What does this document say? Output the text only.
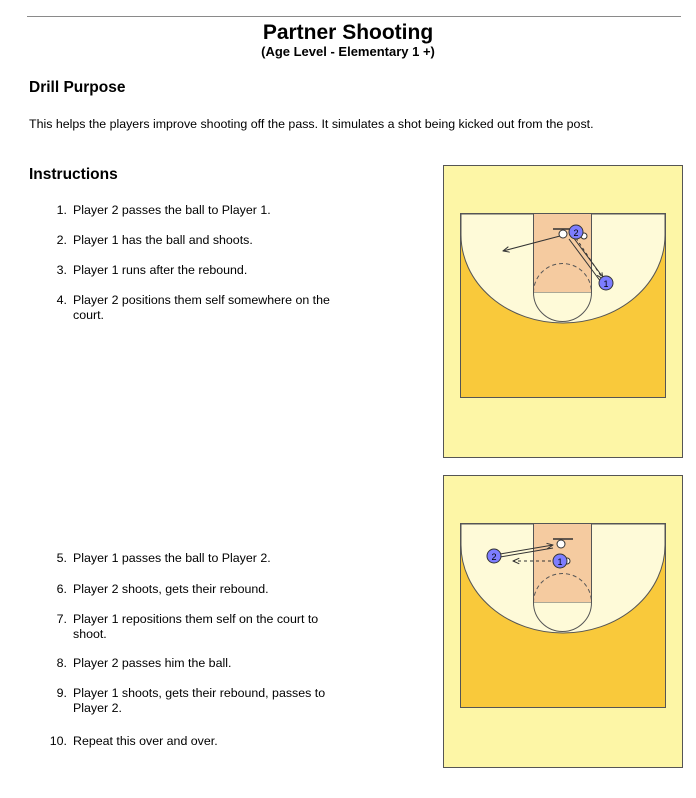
Partner Shooting
(Age Level - Elementary 1 +)
Drill Purpose
This helps the players improve shooting off the pass. It simulates a shot being kicked out from the post.
Instructions
1. Player 2 passes the ball to Player 1.
2. Player 1 has the ball and shoots.
3. Player 1 runs after the rebound.
4. Player 2 positions them self somewhere on the court.
5. Player 1 passes the ball to Player 2.
6. Player 2 shoots, gets their rebound.
7. Player 1 repositions them self on the court to shoot.
8. Player 2 passes him the ball.
9. Player 1 shoots, gets their rebound, passes to Player 2.
10. Repeat this over and over.
2
1
2	1
